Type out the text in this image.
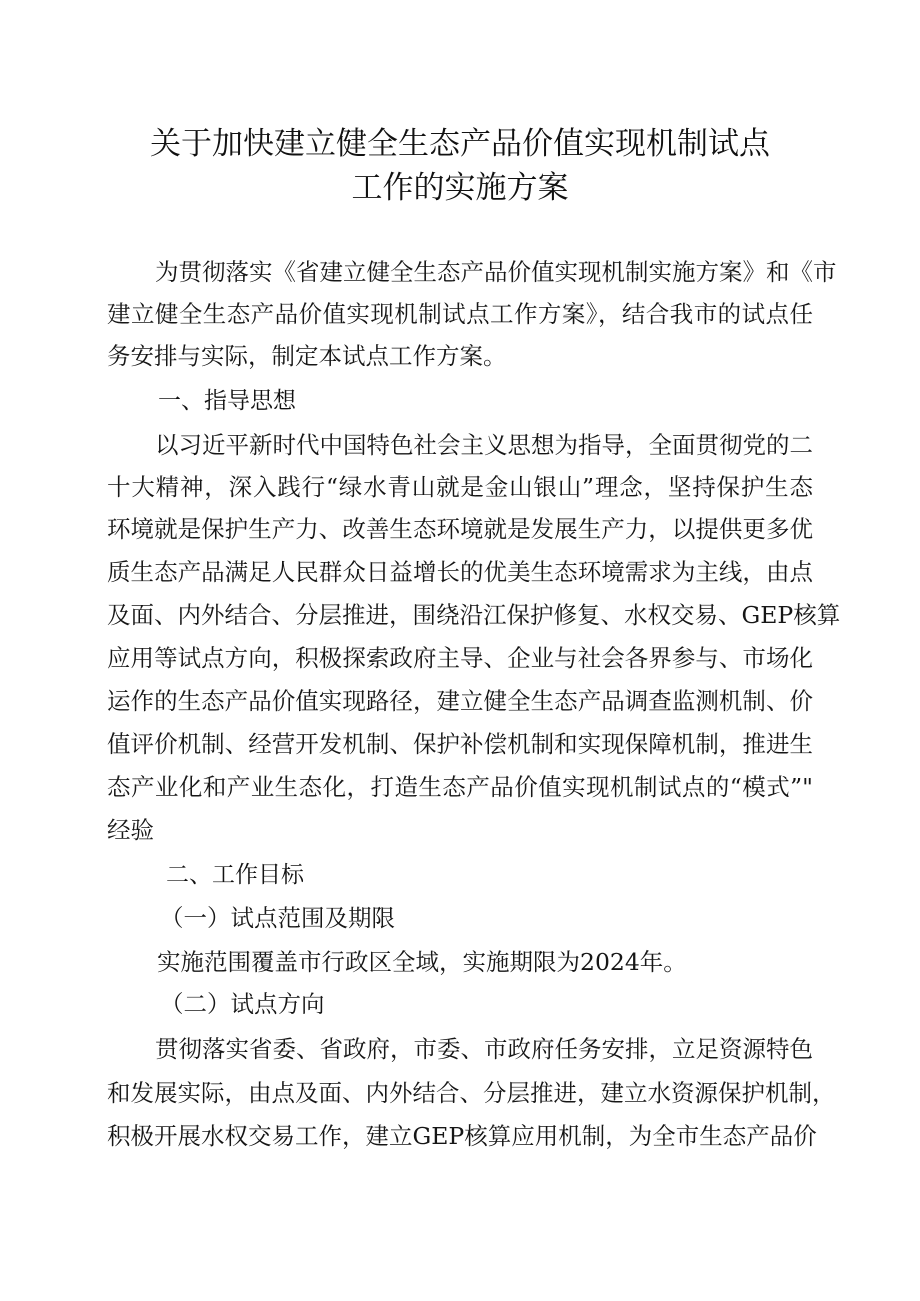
关于加快建立健全生态产品价值实现机制试点
工作的实施方案
为贯彻落实《省建立健全生态产品价值实现机制实施方案》和《市
建立健全生态产品价值实现机制试点工作方案》，结合我市的试点任
务安排与实际，制定本试点工作方案。
一、指导思想
以习近平新时代中国特色社会主义思想为指导，全面贯彻党的二
十大精神，深入践行“绿水青山就是金山银山”理念，坚持保护生态
环境就是保护生产力、改善生态环境就是发展生产力，以提供更多优
质生态产品满足人民群众日益增长的优美生态环境需求为主线，由点
及面、内外结合、分层推进，围绕沿江保护修复、水权交易、GEP核算
应用等试点方向，积极探索政府主导、企业与社会各界参与、市场化
运作的生态产品价值实现路径，建立健全生态产品调查监测机制、价
值评价机制、经营开发机制、保护补偿机制和实现保障机制，推进生
态产业化和产业生态化，打造生态产品价值实现机制试点的“模式”"
经验
二、工作目标
（一）试点范围及期限
实施范围覆盖市行政区全域，实施期限为2024年。
（二）试点方向
贯彻落实省委、省政府，市委、市政府任务安排，立足资源特色
和发展实际，由点及面、内外结合、分层推进，建立水资源保护机制，
积极开展水权交易工作，建立GEP核算应用机制，为全市生态产品价
